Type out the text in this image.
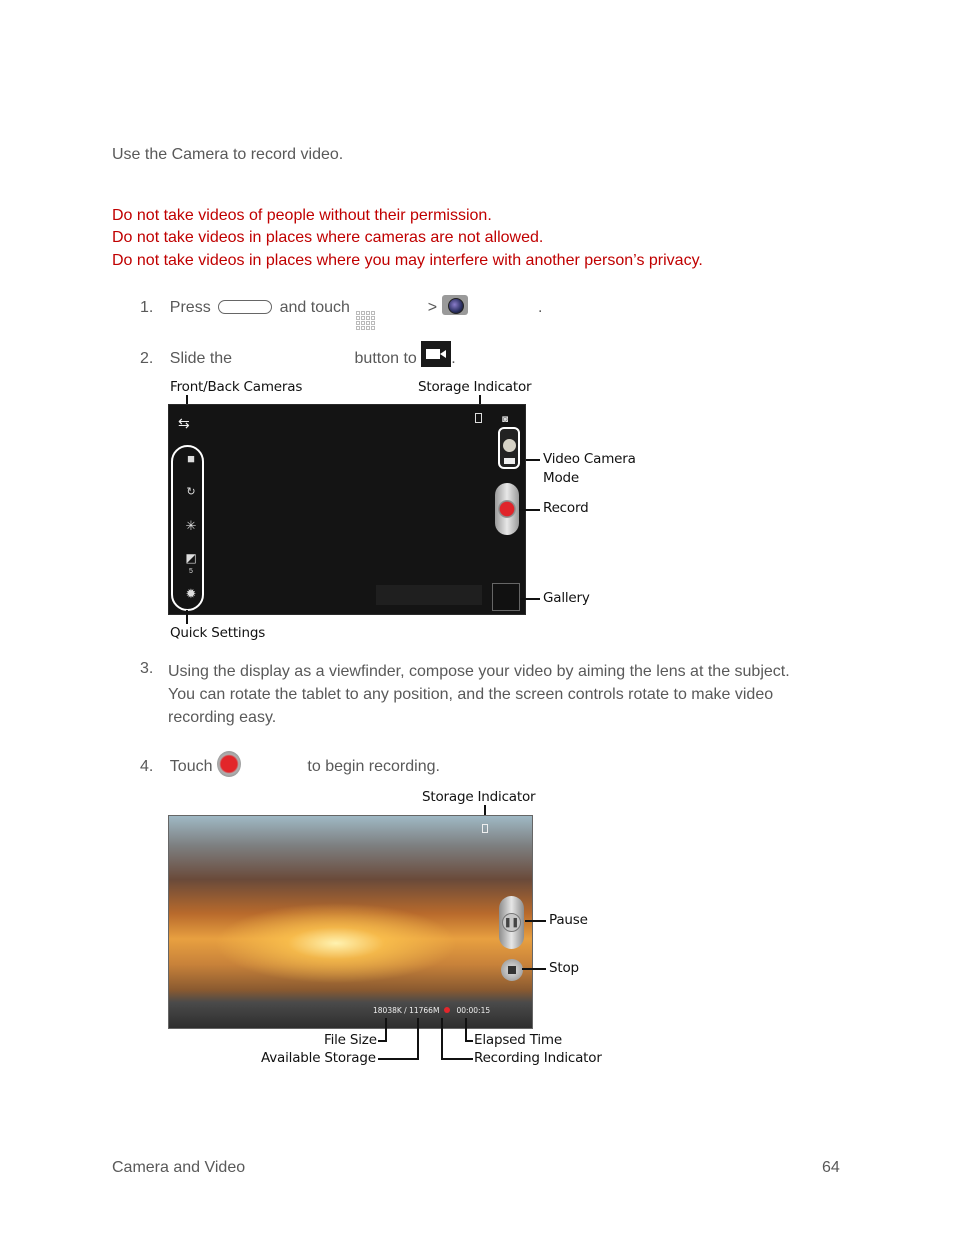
Use the Camera to record video.
Do not take videos of people without their permission.
Do not take videos in places where cameras are not allowed.
Do not take videos in places where you may interfere with another person’s privacy.
1. Press	and touch	>	.
2. Slide the	button to .
Front/Back Cameras	Storage Indicator
⇆	◙
■
↻
✳
◩
5
✹
Video Camera
Mode
Record
Gallery
Quick Settings
3. Using the display as a viewfinder, compose your video by aiming the lens at the subject.
You can rotate the tablet to any position, and the screen controls rotate to make video
recording easy.
4. Touch	to begin recording.
Storage Indicator
❚❚
18038K / 11766M 00:00:15
Pause
Stop
File Size
Available Storage
Elapsed Time
Recording Indicator
Camera and Video	64
